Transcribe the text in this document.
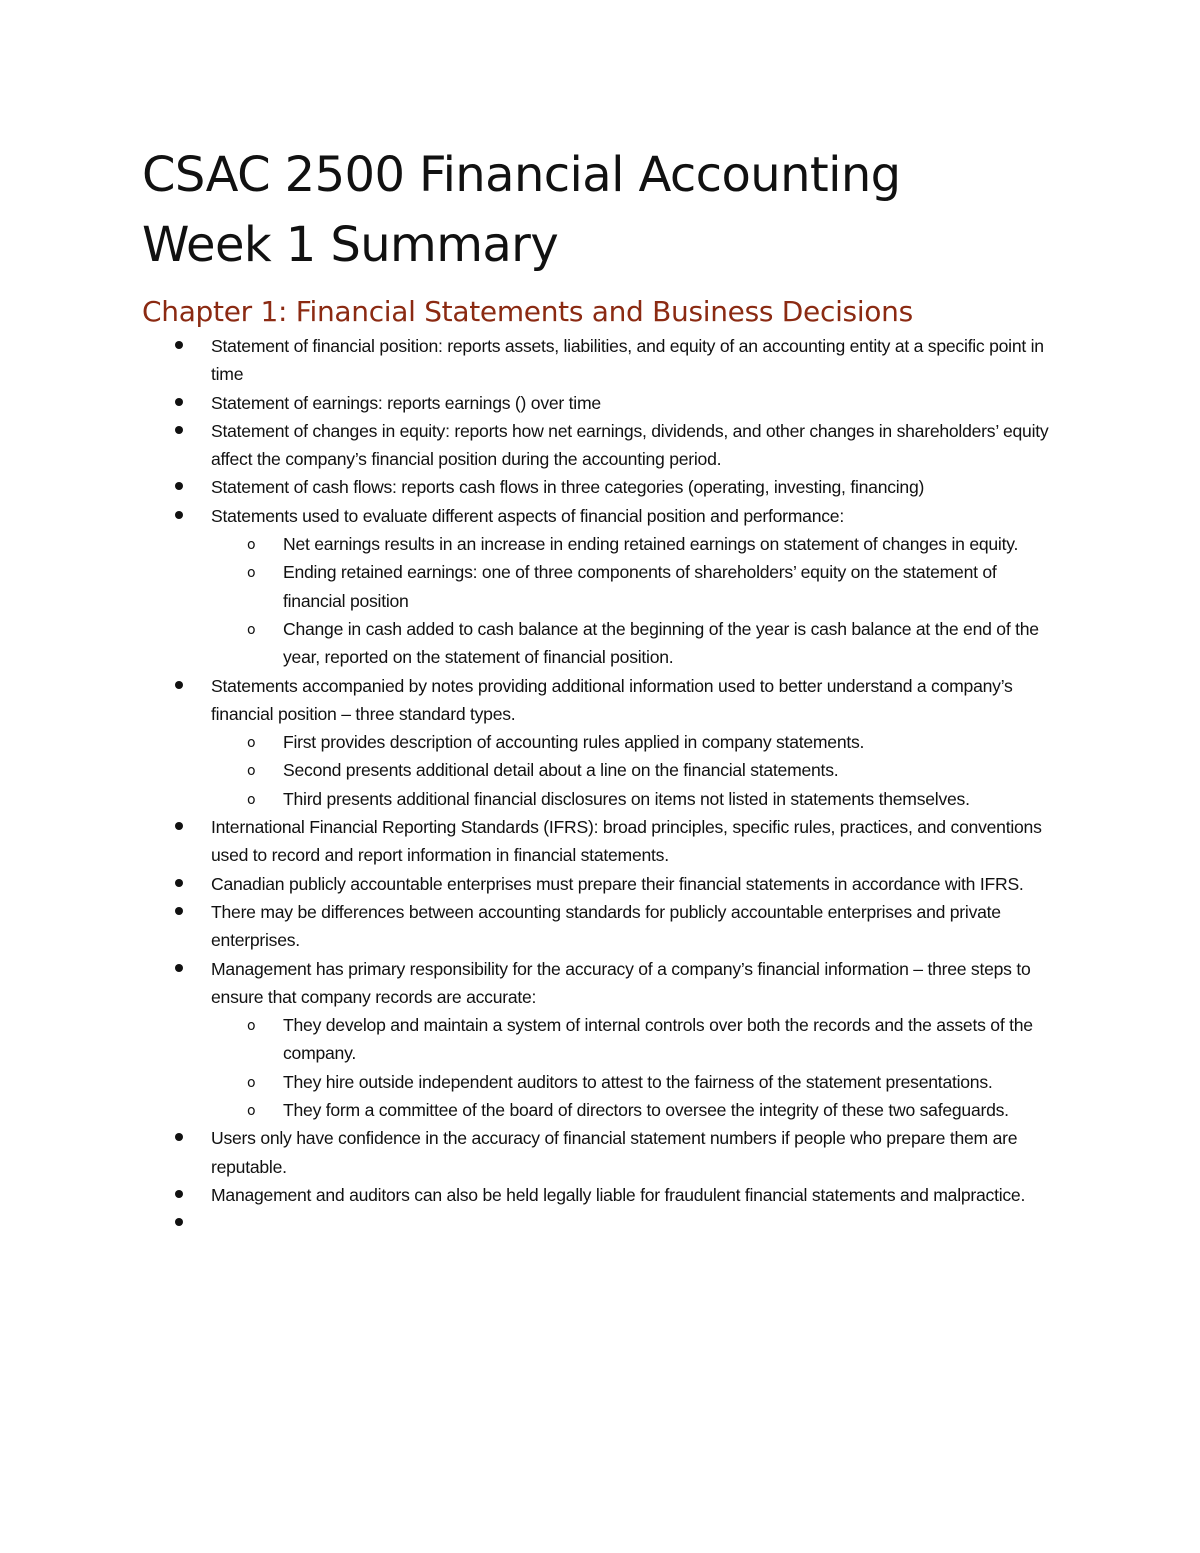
CSAC 2500 Financial Accounting
Week 1 Summary
Chapter 1: Financial Statements and Business Decisions
Statement of financial position: reports assets, liabilities, and equity of an accounting entity at a specific point in time
Statement of earnings: reports earnings () over time
Statement of changes in equity: reports how net earnings, dividends, and other changes in shareholders’ equity affect the company’s financial position during the accounting period.
Statement of cash flows: reports cash flows in three categories (operating, investing, financing)
Statements used to evaluate different aspects of financial position and performance:
o Net earnings results in an increase in ending retained earnings on statement of changes in equity.
o Ending retained earnings: one of three components of shareholders’ equity on the statement of financial position
o Change in cash added to cash balance at the beginning of the year is cash balance at the end of the year, reported on the statement of financial position.
Statements accompanied by notes providing additional information used to better understand a company’s financial position – three standard types.
o First provides description of accounting rules applied in company statements.
o Second presents additional detail about a line on the financial statements.
o Third presents additional financial disclosures on items not listed in statements themselves.
International Financial Reporting Standards (IFRS): broad principles, specific rules, practices, and conventions used to record and report information in financial statements.
Canadian publicly accountable enterprises must prepare their financial statements in accordance with IFRS.
There may be differences between accounting standards for publicly accountable enterprises and private enterprises.
Management has primary responsibility for the accuracy of a company’s financial information – three steps to ensure that company records are accurate:
o They develop and maintain a system of internal controls over both the records and the assets of the company.
o They hire outside independent auditors to attest to the fairness of the statement presentations.
o They form a committee of the board of directors to oversee the integrity of these two safeguards.
Users only have confidence in the accuracy of financial statement numbers if people who prepare them are reputable.
Management and auditors can also be held legally liable for fraudulent financial statements and malpractice.
